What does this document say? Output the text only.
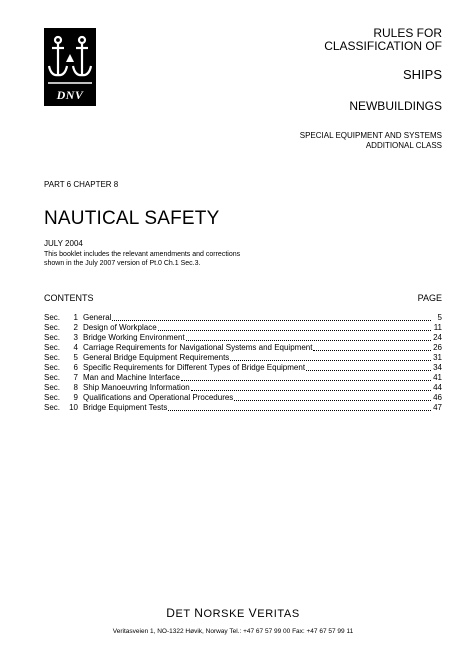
DNV
RULES FOR
CLASSIFICATION OF
SHIPS
NEWBUILDINGS
SPECIAL EQUIPMENT AND SYSTEMS
ADDITIONAL CLASS
PART 6 CHAPTER 8
NAUTICAL SAFETY
JULY 2004
This booklet includes the relevant amendments and corrections
shown in the July 2007 version of Pt.0 Ch.1 Sec.3.
CONTENTS	PAGE
Sec.	1 General	5
Sec.	2 Design of Workplace	11
Sec.	3 Bridge Working Environment	24
Sec.	4 Carriage Requirements for Navigational Systems and Equipment	26
Sec.	5 General Bridge Equipment Requirements	31
Sec.	6 Specific Requirements for Different Types of Bridge Equipment	34
Sec.	7 Man and Machine Interface	41
Sec.	8 Ship Manoeuvring Information	44
Sec.	9 Qualifications and Operational Procedures	46
Sec.	10 Bridge Equipment Tests	47
DET NORSKE VERITAS
Veritasveien 1, NO-1322 Høvik, Norway Tel.: +47 67 57 99 00 Fax: +47 67 57 99 11
